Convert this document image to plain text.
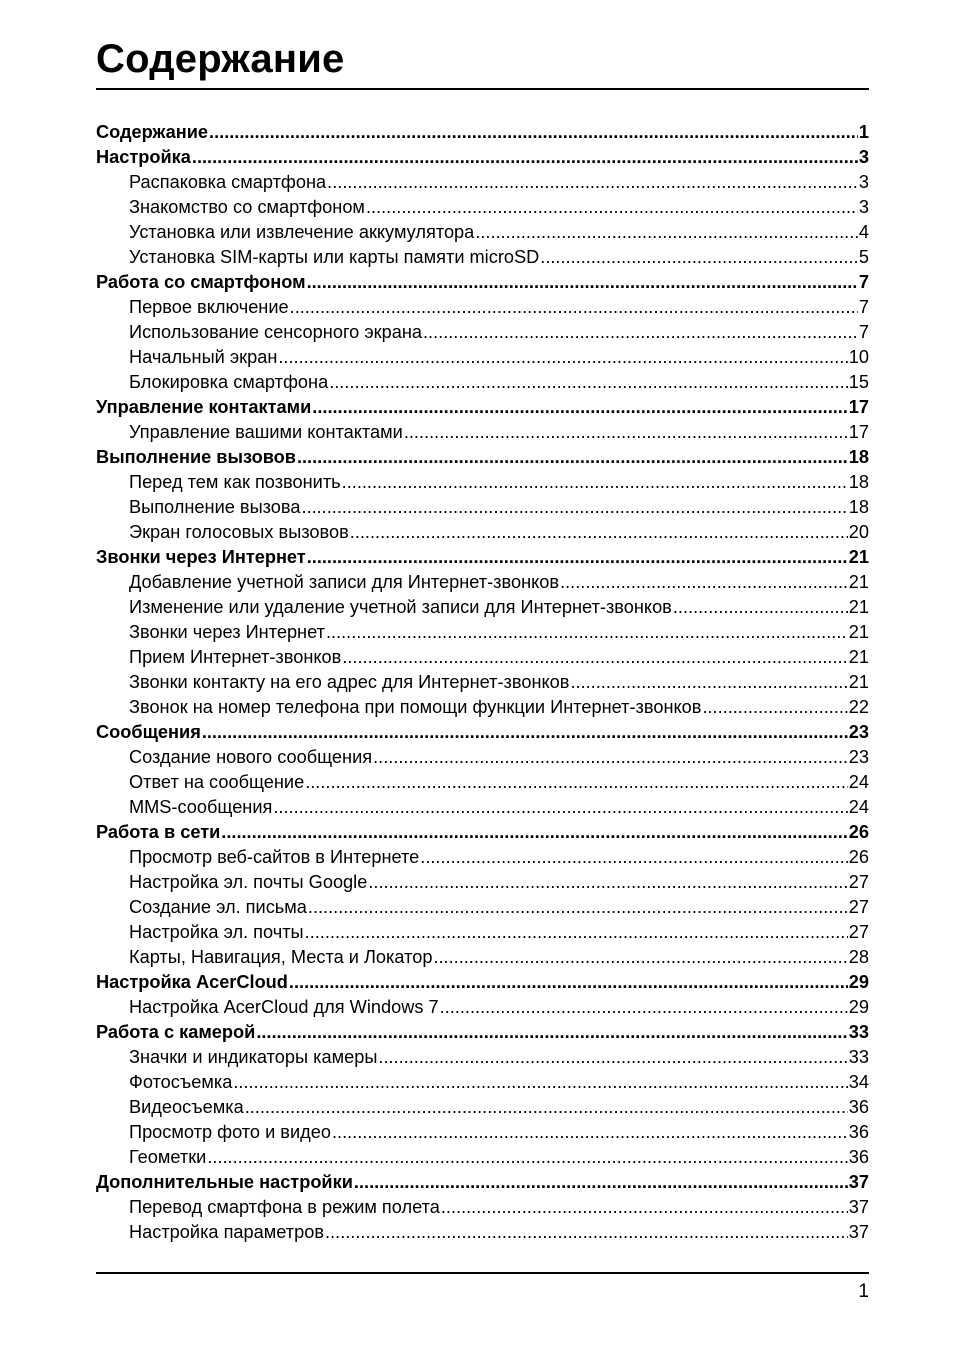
Содержание
Содержание .....	1
Настройка .....	3
Распаковка смартфона .....	3
Знакомство со смартфоном .....	3
Установка или извлечение аккумулятора .....	4
Установка SIM-карты или карты памяти microSD .....	5
Работа со смартфоном .....	7
Первое включение .....	7
Использование сенсорного экрана .....	7
Начальный экран .....	10
Блокировка смартфона .....	15
Управление контактами .....	17
Управление вашими контактами .....	17
Выполнение вызовов .....	18
Перед тем как позвонить .....	18
Выполнение вызова .....	18
Экран голосовых вызовов .....	20
Звонки через Интернет .....	21
Добавление учетной записи для Интернет-звонков .....	21
Изменение или удаление учетной записи для Интернет-звонков .....	21
Звонки через Интернет .....	21
Прием Интернет-звонков .....	21
Звонки контакту на его адрес для Интернет-звонков .....	21
Звонок на номер телефона при помощи функции Интернет-звонков .....	22
Сообщения .....	23
Создание нового сообщения .....	23
Ответ на сообщение .....	24
MMS-сообщения .....	24
Работа в сети .....	26
Просмотр веб-сайтов в Интернете .....	26
Настройка эл. почты Google .....	27
Создание эл. письма .....	27
Настройка эл. почты .....	27
Карты, Навигация, Места и Локатор .....	28
Настройка AcerCloud .....	29
Настройка AcerCloud для Windows 7 .....	29
Работа с камерой .....	33
Значки и индикаторы камеры .....	33
Фотосъемка .....	34
Видеосъемка .....	36
Просмотр фото и видео .....	36
Геометки .....	36
Дополнительные настройки .....	37
Перевод смартфона в режим полета .....	37
Настройка параметров .....	37
1
